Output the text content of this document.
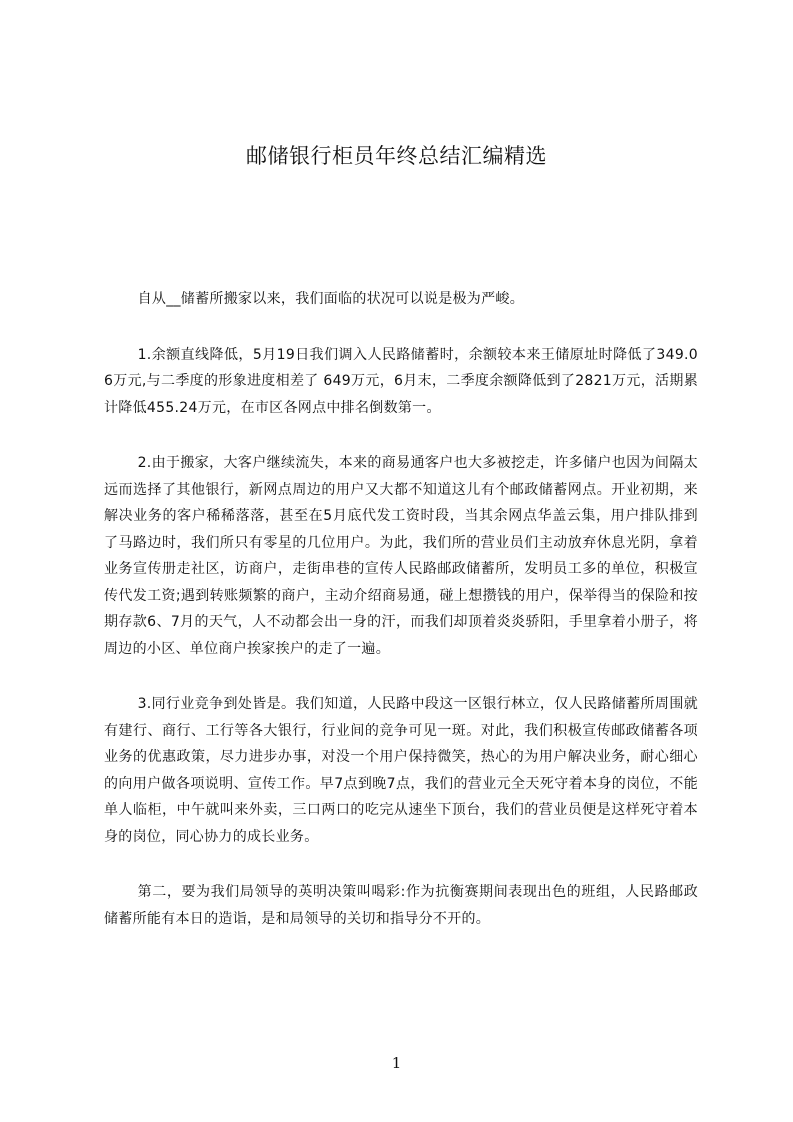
邮储银行柜员年终总结汇编精选

自从__储蓄所搬家以来，我们面临的状况可以说是极为严峻。

1.余额直线降低，5月19日我们调入人民路储蓄时，余额较本来王储原址时降低了349.06万元,与二季度的形象进度相差了 649万元，6月末，二季度余额降低到了2821万元，活期累计降低455.24万元，在市区各网点中排名倒数第一。

2.由于搬家，大客户继续流失，本来的商易通客户也大多被挖走，许多储户也因为间隔太远而选择了其他银行，新网点周边的用户又大都不知道这儿有个邮政储蓄网点。开业初期，来解决业务的客户稀稀落落，甚至在5月底代发工资时段，当其余网点华盖云集，用户排队排到了马路边时，我们所只有零星的几位用户。为此，我们所的营业员们主动放弃休息光阴，拿着业务宣传册走社区，访商户，走街串巷的宣传人民路邮政储蓄所，发明员工多的单位，积极宣传代发工资;遇到转账频繁的商户，主动介绍商易通，碰上想攒钱的用户，保举得当的保险和按期存款6、7月的天气，人不动都会出一身的汗，而我们却顶着炎炎骄阳，手里拿着小册子，将周边的小区、单位商户挨家挨户的走了一遍。

3.同行业竞争到处皆是。我们知道，人民路中段这一区银行林立，仅人民路储蓄所周围就有建行、商行、工行等各大银行，行业间的竞争可见一斑。对此，我们积极宣传邮政储蓄各项业务的优惠政策，尽力进步办事，对没一个用户保持微笑，热心的为用户解决业务，耐心细心的向用户做各项说明、宣传工作。早7点到晚7点，我们的营业元全天死守着本身的岗位，不能单人临柜，中午就叫来外卖，三口两口的吃完从速坐下顶台，我们的营业员便是这样死守着本身的岗位，同心协力的成长业务。

第二，要为我们局领导的英明决策叫喝彩:作为抗衡赛期间表现出色的班组，人民路邮政储蓄所能有本日的造诣，是和局领导的关切和指导分不开的。

1
